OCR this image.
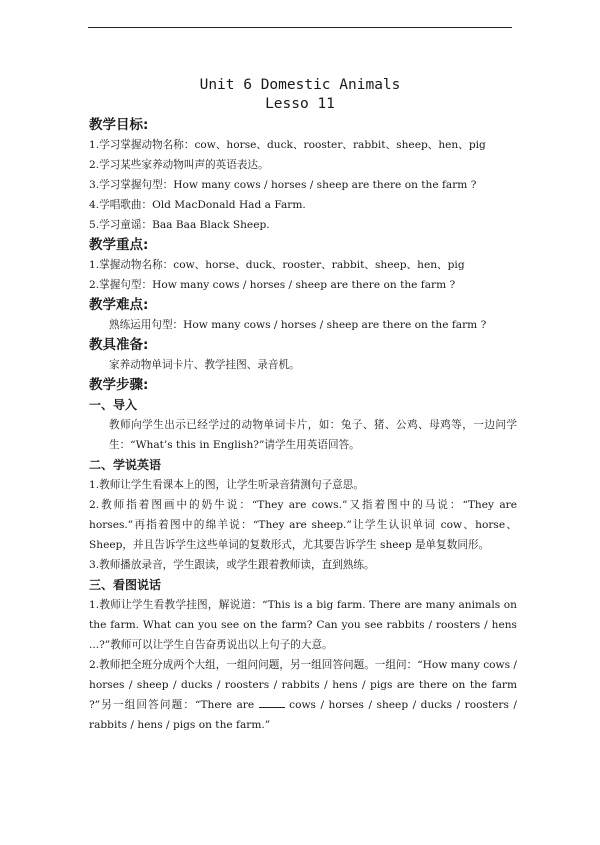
Unit 6 Domestic Animals
Lesso 11
教学目标:
1.学习掌握动物名称：cow、horse、duck、rooster、rabbit、sheep、hen、pig
2.学习某些家养动物叫声的英语表达。
3.学习掌握句型：How many cows / horses / sheep are there on the farm ?
4.学唱歌曲：Old MacDonald Had a Farm.
5.学习童谣：Baa Baa Black Sheep.
教学重点:
1.掌握动物名称：cow、horse、duck、rooster、rabbit、sheep、hen、pig
2.掌握句型：How many cows / horses / sheep are there on the farm ?
教学难点:
熟练运用句型：How many cows / horses / sheep are there on the farm ?
教具准备:
家养动物单词卡片、教学挂图、录音机。
教学步骤:
一、导入
教师向学生出示已经学过的动物单词卡片，如：兔子、猪、公鸡、母鸡等，一边问学生：“What’s this in English?”请学生用英语回答。
二、学说英语
1.教师让学生看课本上的图，让学生听录音猜测句子意思。
2.教师指着图画中的奶牛说：“They are cows.”又指着图中的马说：“They are horses.”再指着图中的绵羊说：“They are sheep.”让学生认识单词 cow、horse、Sheep，并且告诉学生这些单词的复数形式，尤其要告诉学生 sheep 是单复数同形。
3.教师播放录音，学生跟读，或学生跟着教师读，直到熟练。
三、看图说话
1.教师让学生看教学挂图，解说道：“This is a big farm. There are many animals on the farm. What can you see on the farm? Can you see rabbits / roosters / hens ...?”教师可以让学生自告奋勇说出以上句子的大意。
2.教师把全班分成两个大组，一组问问题，另一组回答问题。一组问：“How many cows / horses / sheep / ducks / roosters / rabbits / hens / pigs are there on the farm ?”另一组回答问题：“There are	cows / horses / sheep / ducks / roosters / rabbits / hens / pigs on the farm.”
